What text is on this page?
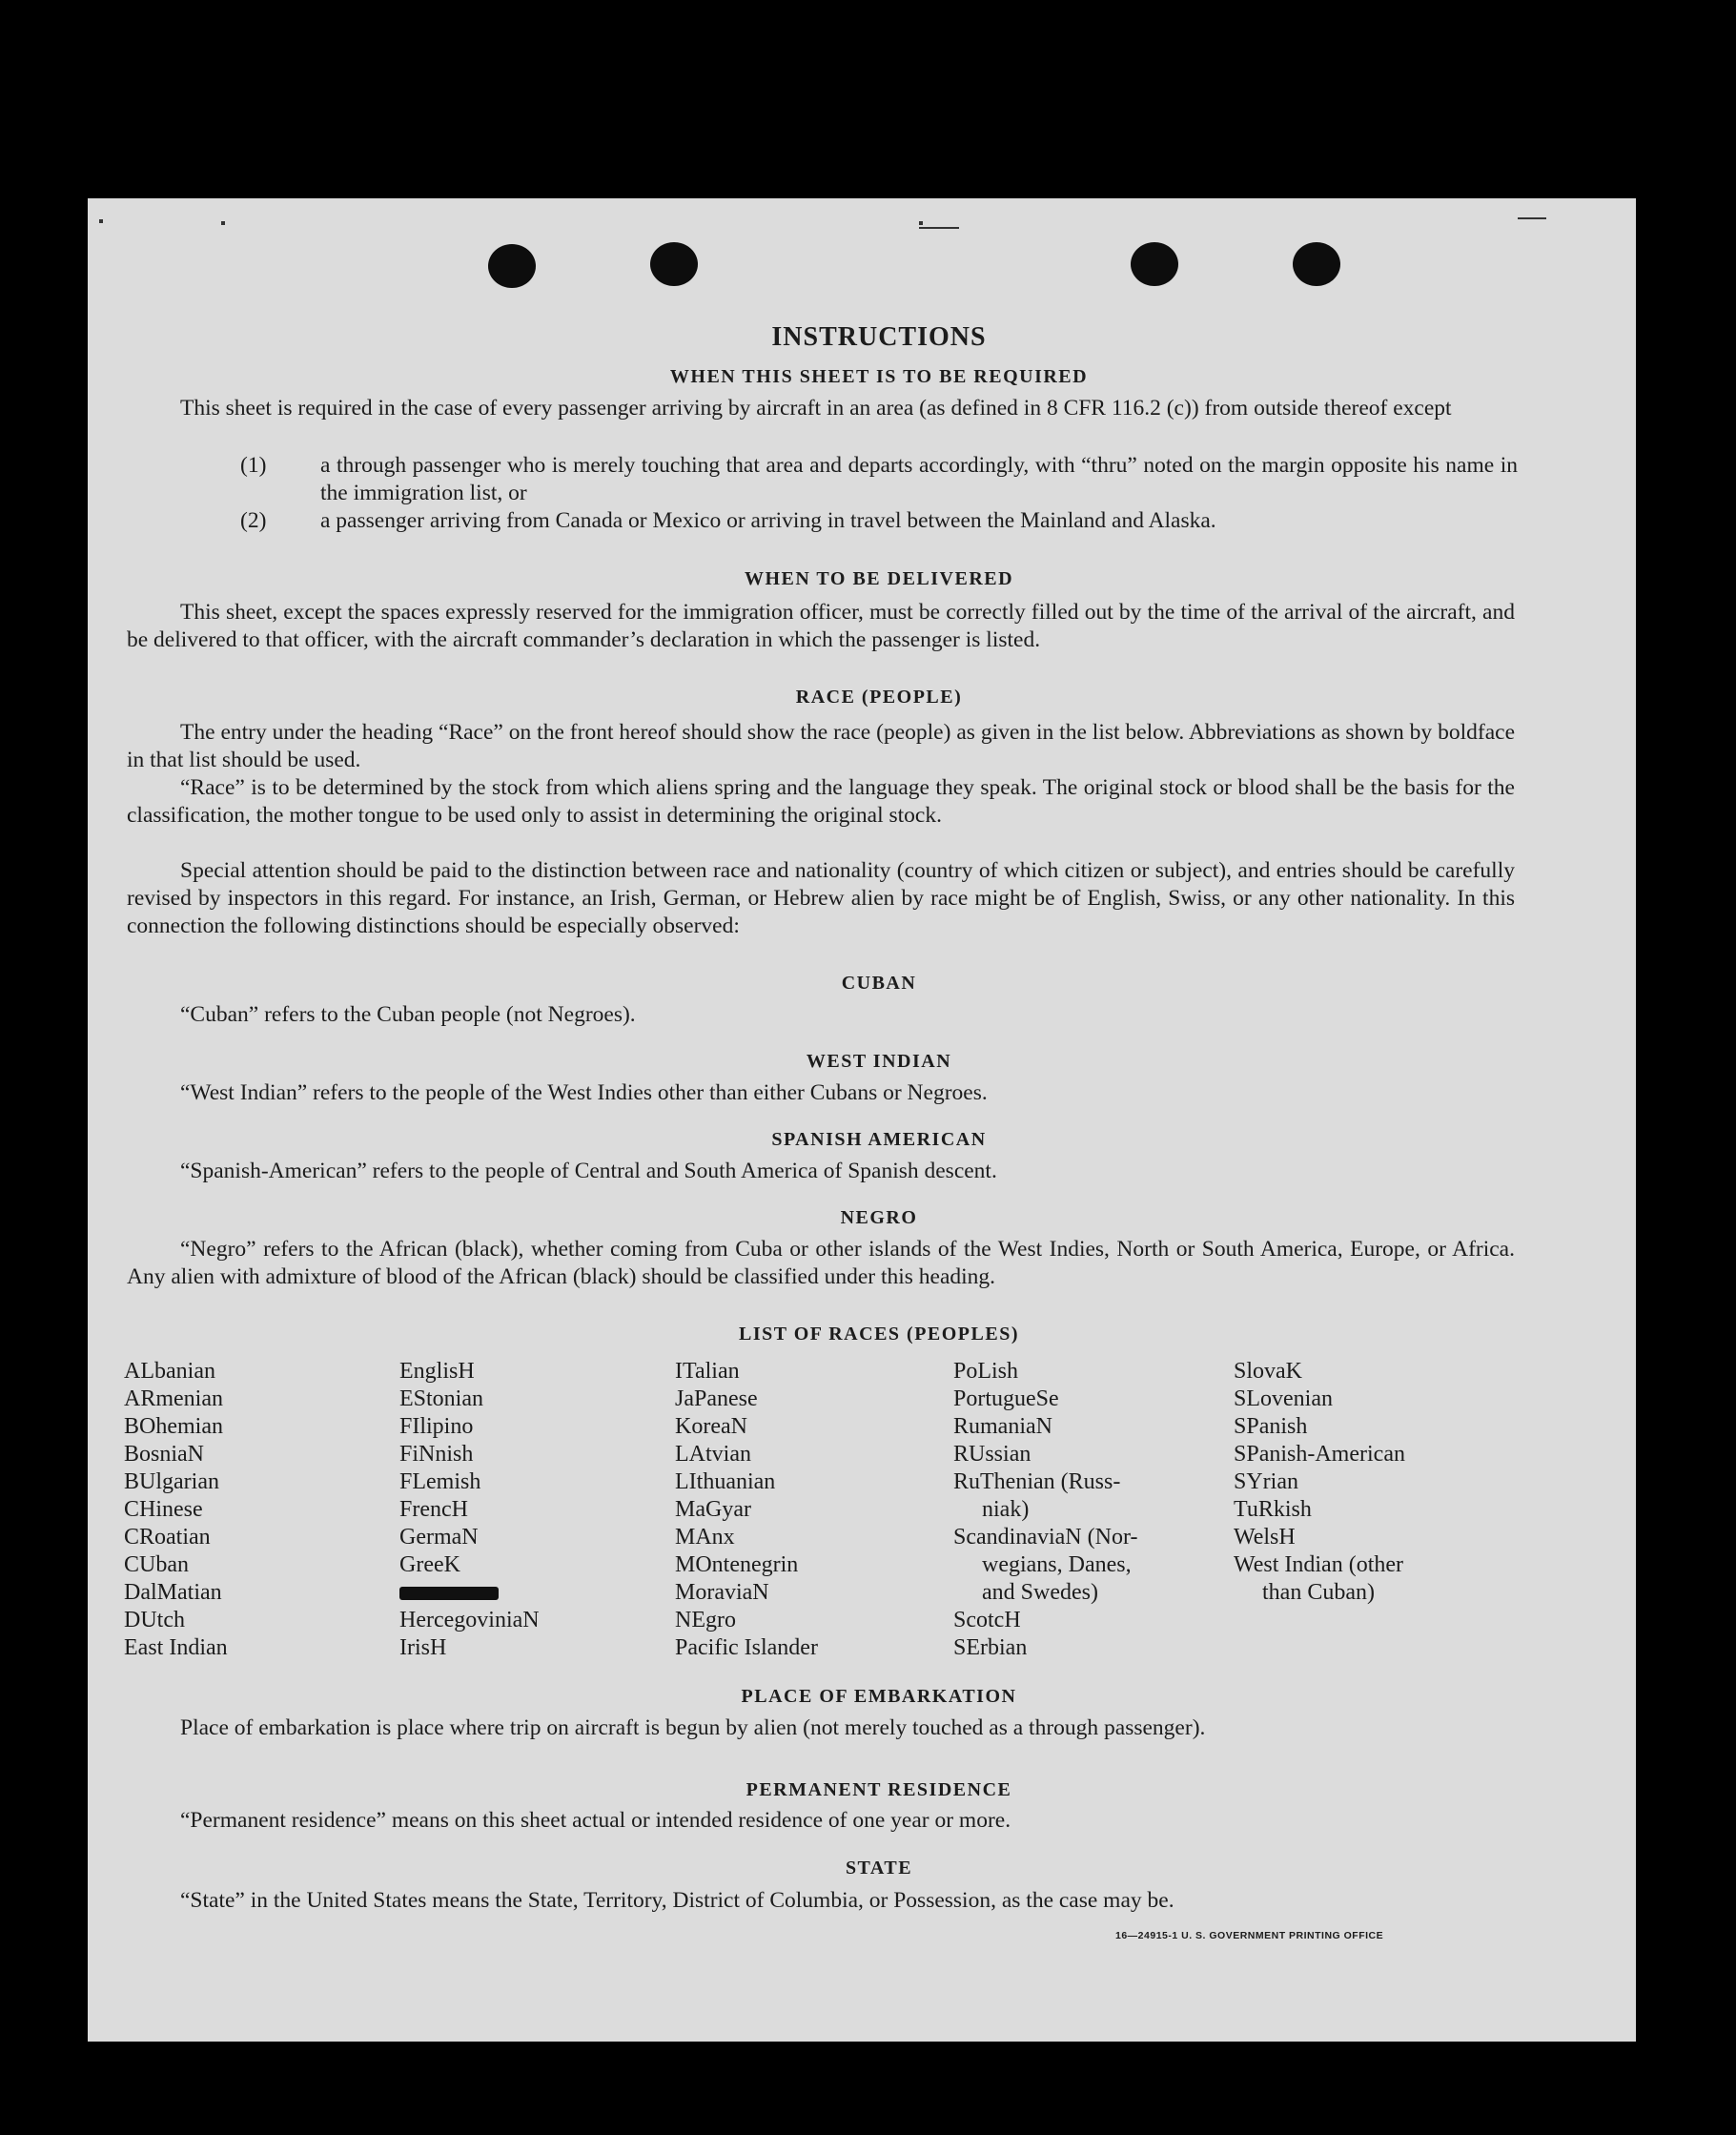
INSTRUCTIONS
WHEN THIS SHEET IS TO BE REQUIRED
This sheet is required in the case of every passenger arriving by aircraft in an area (as defined in 8 CFR 116.2 (c)) from outside thereof except
(1) a through passenger who is merely touching that area and departs accordingly, with “thru” noted on the margin opposite his name in the immigration list, or
(2) a passenger arriving from Canada or Mexico or arriving in travel between the Mainland and Alaska.
WHEN TO BE DELIVERED
This sheet, except the spaces expressly reserved for the immigration officer, must be correctly filled out by the time of the arrival of the aircraft, and be delivered to that officer, with the aircraft commander’s declaration in which the passenger is listed.
RACE (PEOPLE)
The entry under the heading “Race” on the front hereof should show the race (people) as given in the list below. Abbreviations as shown by boldface in that list should be used.
“Race” is to be determined by the stock from which aliens spring and the language they speak. The original stock or blood shall be the basis for the classification, the mother tongue to be used only to assist in determining the original stock.
Special attention should be paid to the distinction between race and nationality (country of which citizen or subject), and entries should be carefully revised by inspectors in this regard. For instance, an Irish, German, or Hebrew alien by race might be of English, Swiss, or any other nationality. In this connection the following distinctions should be especially observed:
CUBAN
“Cuban” refers to the Cuban people (not Negroes).
WEST INDIAN
“West Indian” refers to the people of the West Indies other than either Cubans or Negroes.
SPANISH AMERICAN
“Spanish-American” refers to the people of Central and South America of Spanish descent.
NEGRO
“Negro” refers to the African (black), whether coming from Cuba or other islands of the West Indies, North or South America, Europe, or Africa. Any alien with admixture of blood of the African (black) should be classified under this heading.
LIST OF RACES (PEOPLES)
ALbanian
ARmenian
BOhemian
BosniaN
BUlgarian
CHinese
CRoatian
CUban
DalMatian
DUtch
East Indian
EnglisH
EStonian
FIlipino
FiNnish
FLemish
FrencH
GermaN
GreeK
HercegoviniaN
IrisH
ITalian
JaPanese
KoreaN
LAtvian
LIthuanian
MaGyar
MAnx
MOntenegrin
MoraviaN
NEgro
Pacific Islander
PoLish
PortugueSe
RumaniaN
RUssian
RuThenian (Russ-
niak)
ScandinaviaN (Nor-
wegians, Danes,
and Swedes)
ScotcH
SErbian
SlovaK
SLovenian
SPanish
SPanish-American
SYrian
TuRkish
WelsH
West Indian (other
than Cuban)
PLACE OF EMBARKATION
Place of embarkation is place where trip on aircraft is begun by alien (not merely touched as a through passenger).
PERMANENT RESIDENCE
“Permanent residence” means on this sheet actual or intended residence of one year or more.
STATE
“State” in the United States means the State, Territory, District of Columbia, or Possession, as the case may be.
16—24915-1 U. S. GOVERNMENT PRINTING OFFICE
